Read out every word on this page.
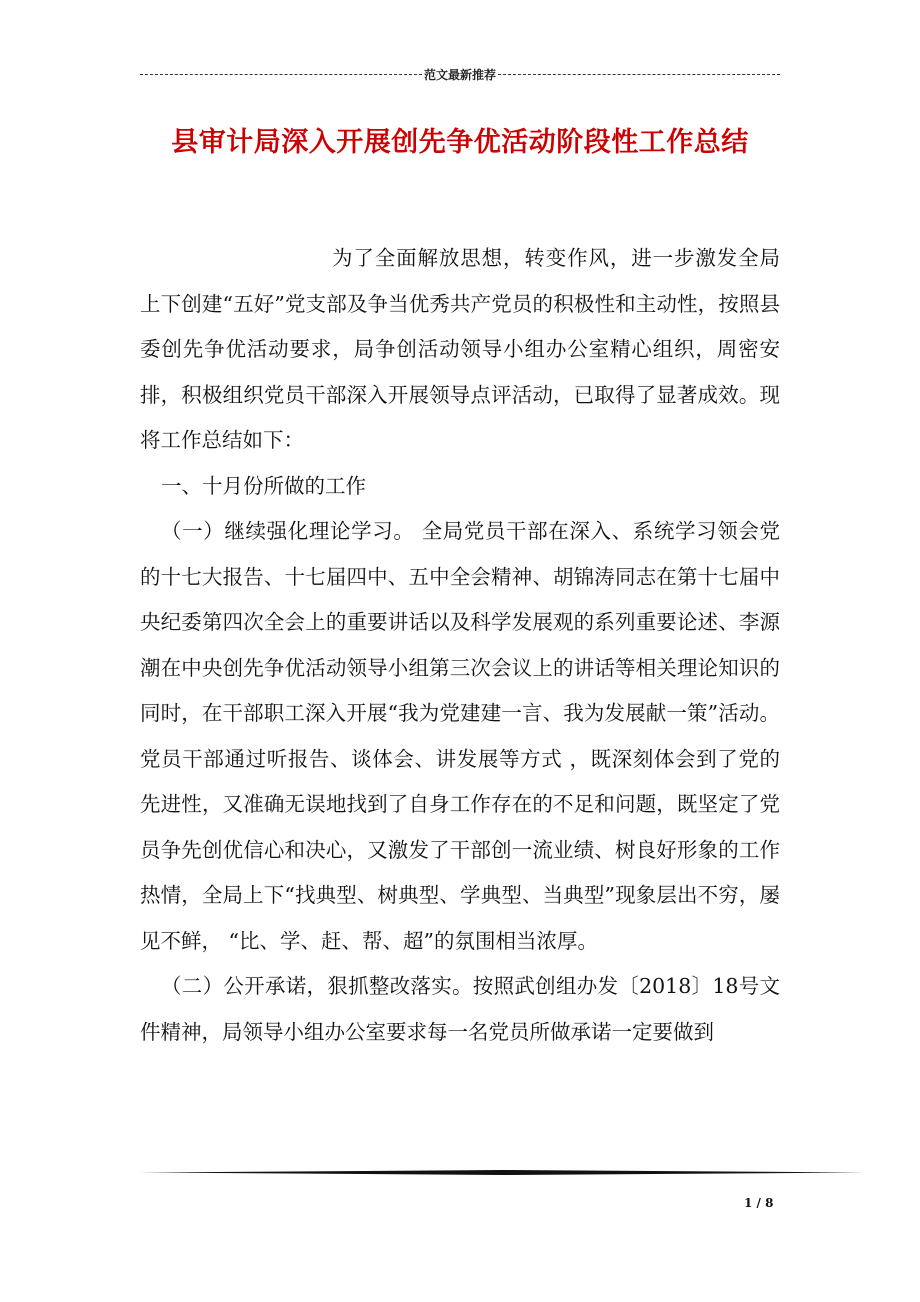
范文最新推荐
县审计局深入开展创先争优活动阶段性工作总结

为了全面解放思想，转变作风，进一步激发全局上下创建“五好”党支部及争当优秀共产党员的积极性和主动性，按照县委创先争优活动要求，局争创活动领导小组办公室精心组织，周密安排，积极组织党员干部深入开展领导点评活动，已取得了显著成效。现将工作总结如下：

一、十月份所做的工作

（一）继续强化理论学习。 全局党员干部在深入、系统学习领会党的十七大报告、十七届四中、五中全会精神、胡锦涛同志在第十七届中央纪委第四次全会上的重要讲话以及科学发展观的系列重要论述、李源潮在中央创先争优活动领导小组第三次会议上的讲话等相关理论知识的同时，在干部职工深入开展“我为党建建一言、我为发展献一策”活动。党员干部通过听报告、谈体会、讲发展等方式 ，既深刻体会到了党的先进性，又准确无误地找到了自身工作存在的不足和问题，既坚定了党员争先创优信心和决心，又激发了干部创一流业绩、树良好形象的工作热情，全局上下“找典型、树典型、学典型、当典型”现象层出不穷，屡见不鲜， “比、学、赶、帮、超”的氛围相当浓厚。

（二）公开承诺，狠抓整改落实。按照武创组办发〔2018〕18号文件精神，局领导小组办公室要求每一名党员所做承诺一定要做到

1 / 8
